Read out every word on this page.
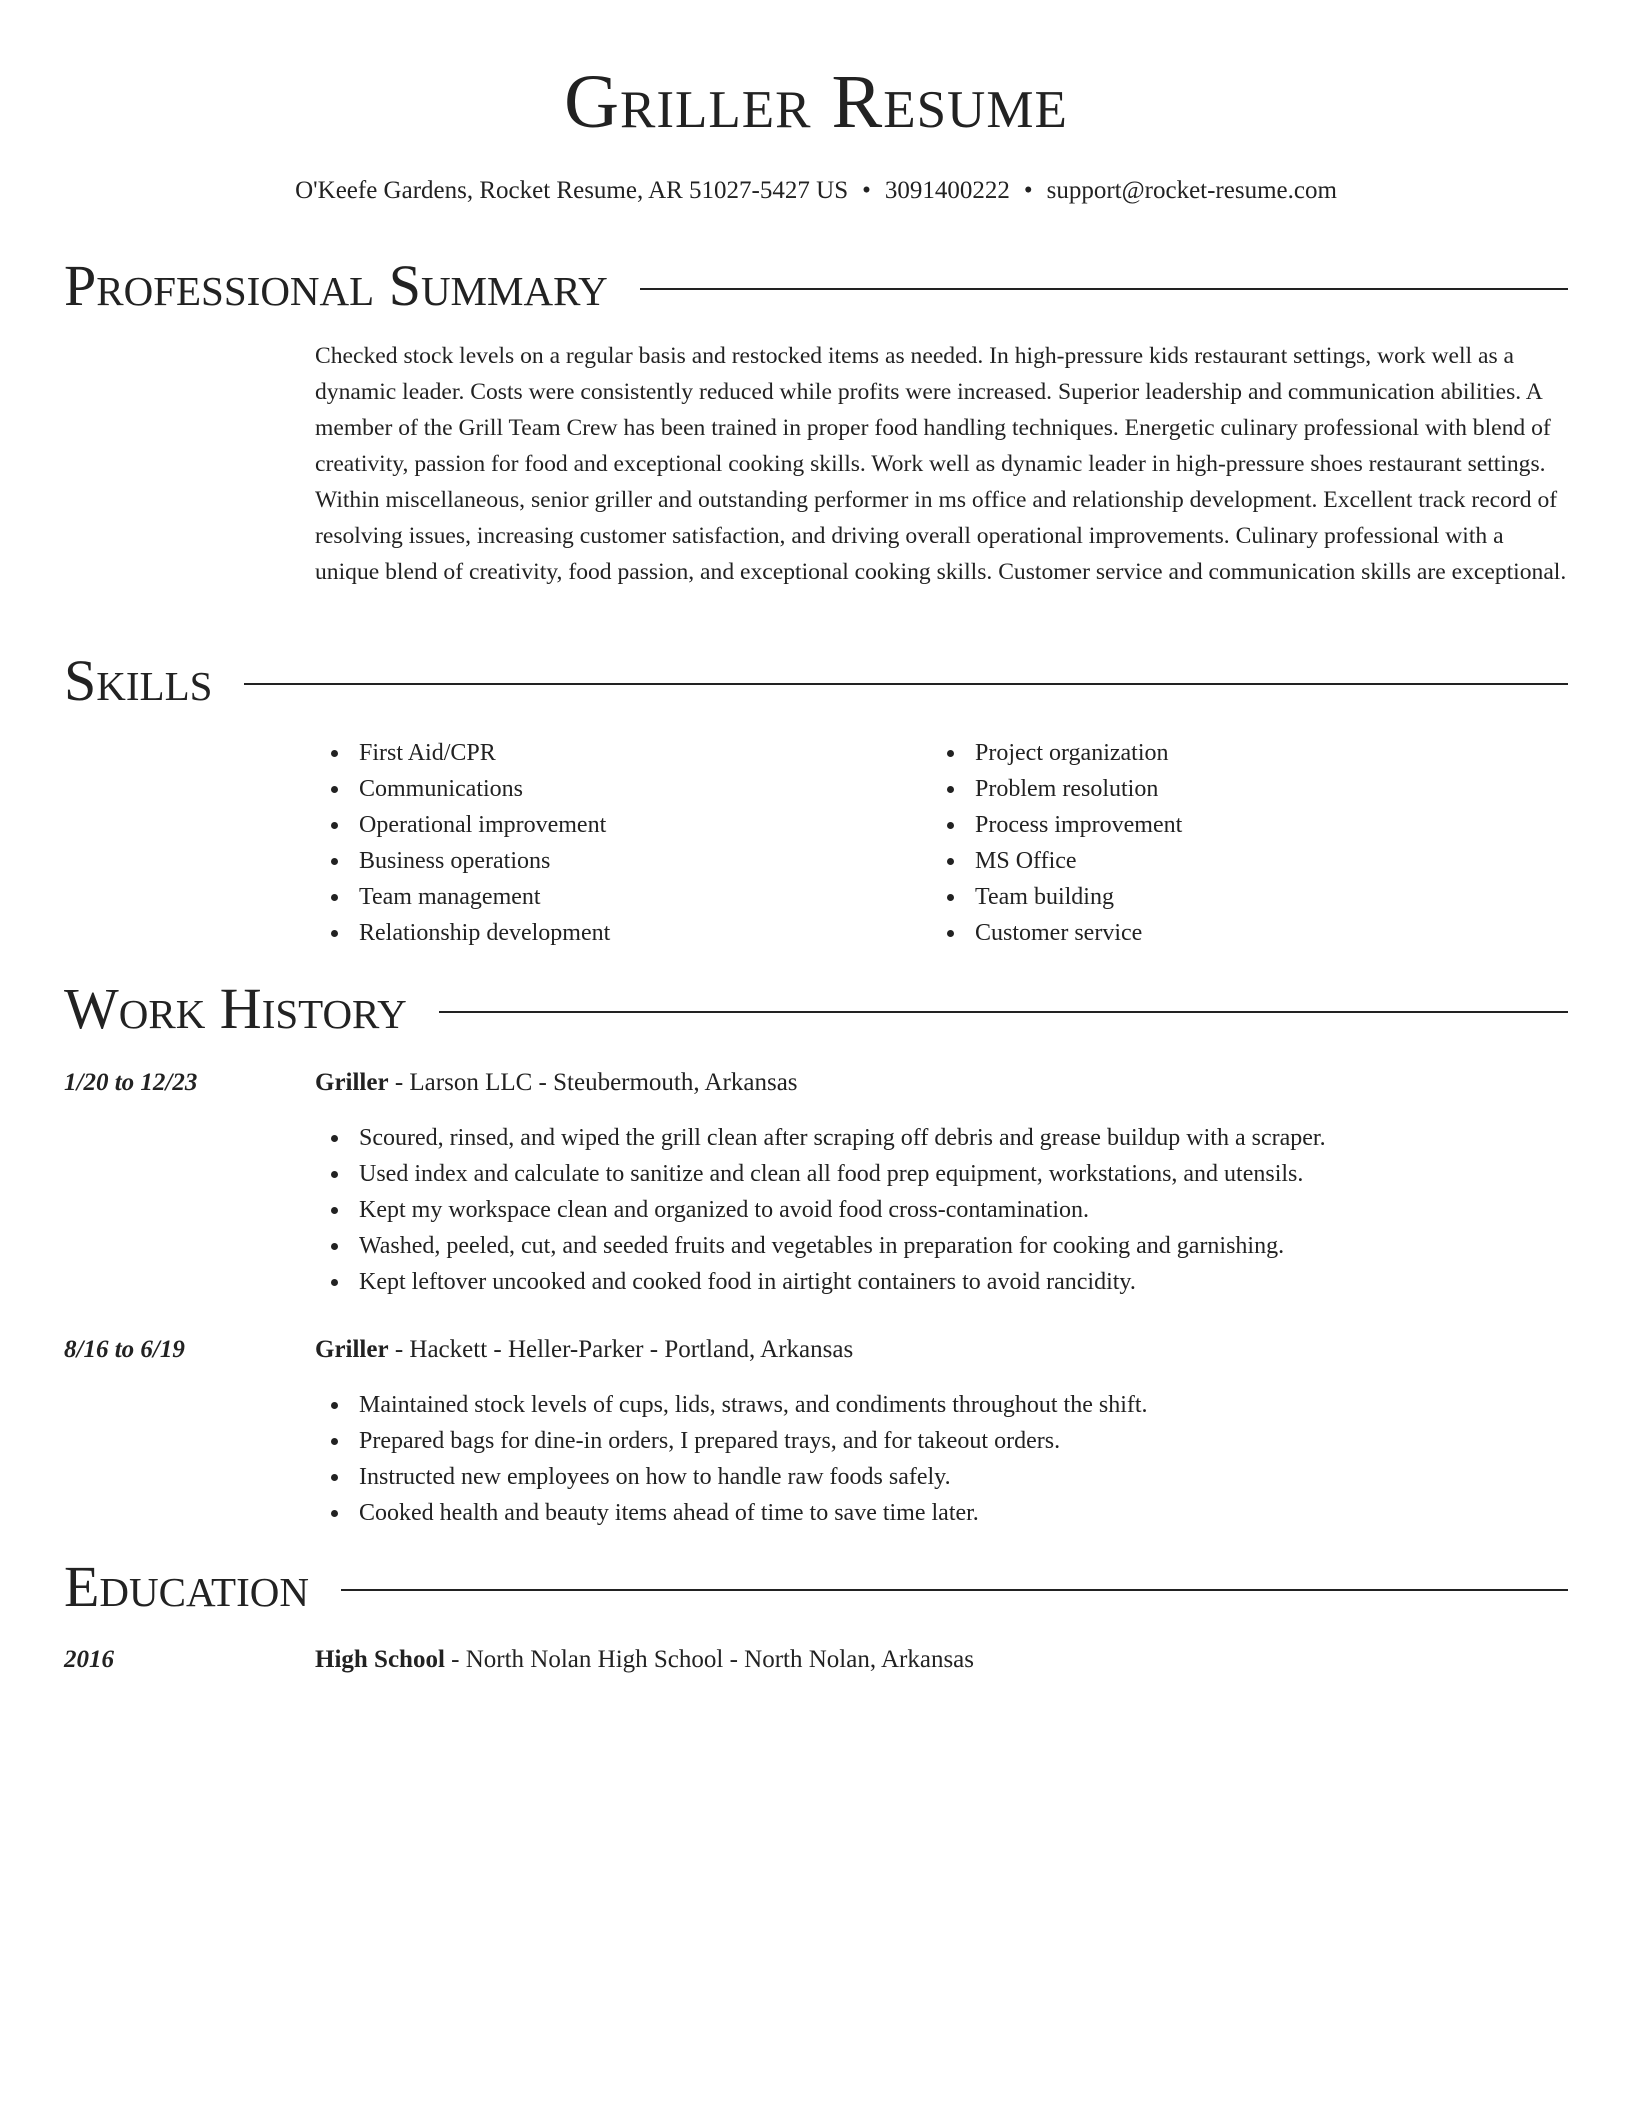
Griller Resume
O'Keefe Gardens, Rocket Resume, AR 51027-5427 US • 3091400222 • support@rocket-resume.com
Professional Summary

Checked stock levels on a regular basis and restocked items as needed. In high-pressure kids restaurant settings, work well as a dynamic leader. Costs were consistently reduced while profits were increased. Superior leadership and communication abilities. A member of the Grill Team Crew has been trained in proper food handling techniques. Energetic culinary professional with blend of creativity, passion for food and exceptional cooking skills. Work well as dynamic leader in high-pressure shoes restaurant settings. Within miscellaneous, senior griller and outstanding performer in ms office and relationship development. Excellent track record of resolving issues, increasing customer satisfaction, and driving overall operational improvements. Culinary professional with a unique blend of creativity, food passion, and exceptional cooking skills. Customer service and communication skills are exceptional.

Skills
First Aid/CPR
Communications
Operational improvement
Business operations
Team management
Relationship development
Project organization
Problem resolution
Process improvement
MS Office
Team building
Customer service
Work History
1/20 to 12/23	Griller - Larson LLC - Steubermouth, Arkansas
Scoured, rinsed, and wiped the grill clean after scraping off debris and grease buildup with a scraper.
Used index and calculate to sanitize and clean all food prep equipment, workstations, and utensils.
Kept my workspace clean and organized to avoid food cross-contamination.
Washed, peeled, cut, and seeded fruits and vegetables in preparation for cooking and garnishing.
Kept leftover uncooked and cooked food in airtight containers to avoid rancidity.
8/16 to 6/19	Griller - Hackett - Heller-Parker - Portland, Arkansas
Maintained stock levels of cups, lids, straws, and condiments throughout the shift.
Prepared bags for dine-in orders, I prepared trays, and for takeout orders.
Instructed new employees on how to handle raw foods safely.
Cooked health and beauty items ahead of time to save time later.
Education
2016	High School - North Nolan High School - North Nolan, Arkansas
